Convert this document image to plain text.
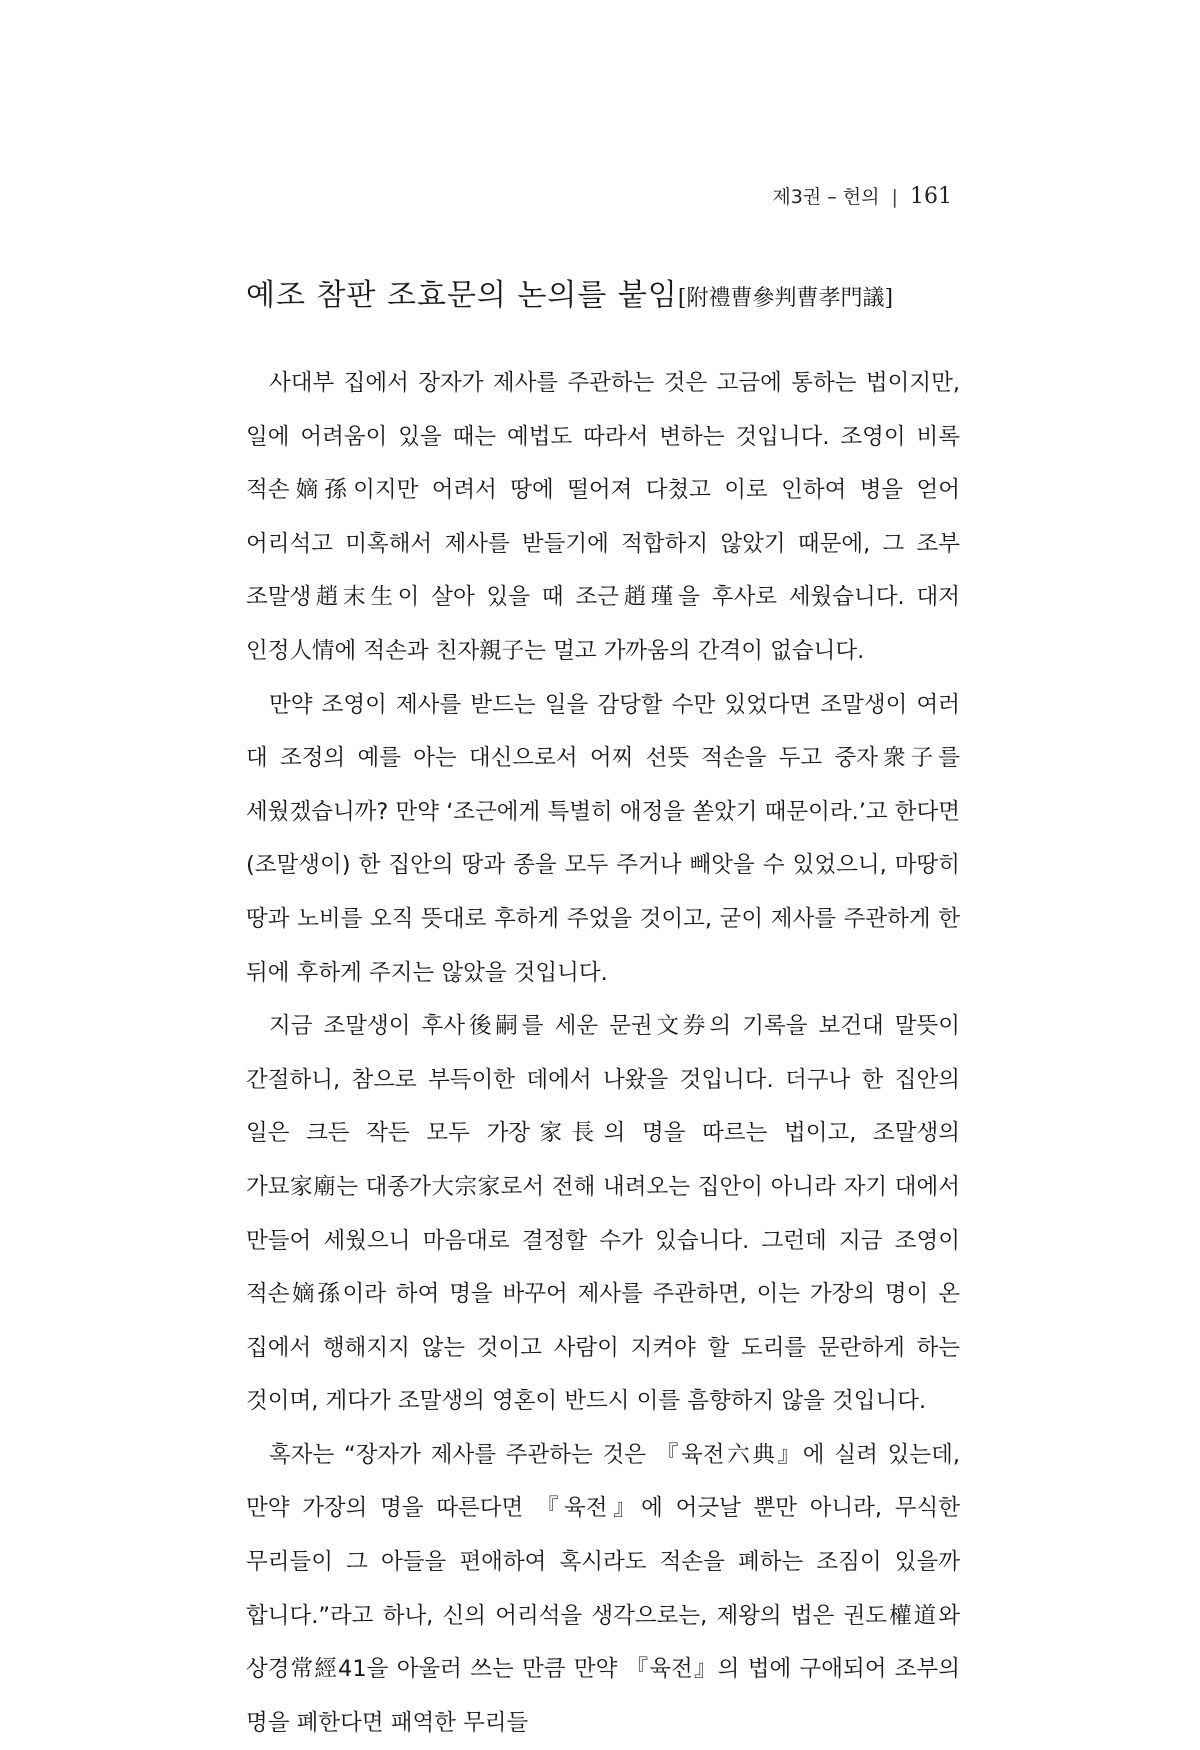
제3권 – 헌의 | 161
예조 참판 조효문의 논의를 붙임[附禮曹參判曹孝門議]

사대부 집에서 장자가 제사를 주관하는 것은 고금에 통하는 법이지만, 일에 어려움이 있을 때는 예법도 따라서 변하는 것입니다. 조영이 비록 적손嫡孫이지만 어려서 땅에 떨어져 다쳤고 이로 인하여 병을 얻어 어리석고 미혹해서 제사를 받들기에 적합하지 않았기 때문에, 그 조부 조말생趙末生이 살아 있을 때 조근趙瑾을 후사로 세웠습니다. 대저 인정人情에 적손과 친자親子는 멀고 가까움의 간격이 없습니다.

만약 조영이 제사를 받드는 일을 감당할 수만 있었다면 조말생이 여러 대 조정의 예를 아는 대신으로서 어찌 선뜻 적손을 두고 중자衆子를 세웠겠습니까? 만약 ‘조근에게 특별히 애정을 쏟았기 때문이라.’고 한다면 (조말생이) 한 집안의 땅과 종을 모두 주거나 빼앗을 수 있었으니, 마땅히 땅과 노비를 오직 뜻대로 후하게 주었을 것이고, 굳이 제사를 주관하게 한 뒤에 후하게 주지는 않았을 것입니다.

지금 조말생이 후사後嗣를 세운 문권文券의 기록을 보건대 말뜻이 간절하니, 참으로 부득이한 데에서 나왔을 것입니다. 더구나 한 집안의 일은 크든 작든 모두 가장家長의 명을 따르는 법이고, 조말생의 가묘家廟는 대종가大宗家로서 전해 내려오는 집안이 아니라 자기 대에서 만들어 세웠으니 마음대로 결정할 수가 있습니다. 그런데 지금 조영이 적손嫡孫이라 하여 명을 바꾸어 제사를 주관하면, 이는 가장의 명이 온 집에서 행해지지 않는 것이고 사람이 지켜야 할 도리를 문란하게 하는 것이며, 게다가 조말생의 영혼이 반드시 이를 흠향하지 않을 것입니다.

혹자는 “장자가 제사를 주관하는 것은 『육전六典』에 실려 있는데, 만약 가장의 명을 따른다면 『육전』에 어긋날 뿐만 아니라, 무식한 무리들이 그 아들을 편애하여 혹시라도 적손을 폐하는 조짐이 있을까 합니다.”라고 하나, 신의 어리석을 생각으로는, 제왕의 법은 권도權道와 상경常經41을 아울러 쓰는 만큼 만약 『육전』의 법에 구애되어 조부의 명을 폐한다면 패역한 무리들
